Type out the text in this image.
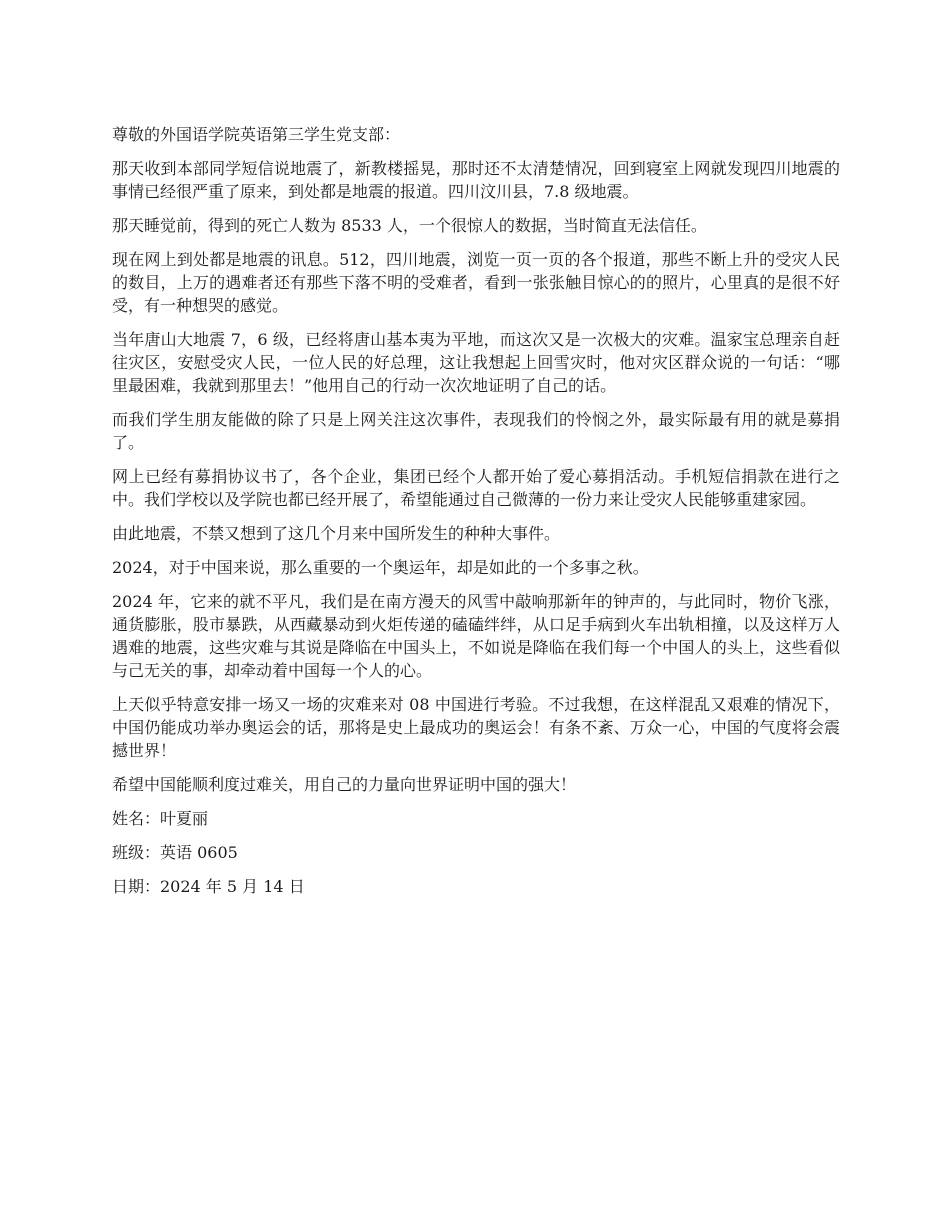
尊敬的外国语学院英语第三学生党支部：

那天收到本部同学短信说地震了，新教楼摇晃，那时还不太清楚情况，回到寝室上网就发现四川地震的事情已经很严重了原来，到处都是地震的报道。四川汶川县，7.8 级地震。

那天睡觉前，得到的死亡人数为 8533 人，一个很惊人的数据，当时简直无法信任。

现在网上到处都是地震的讯息。512，四川地震，浏览一页一页的各个报道，那些不断上升的受灾人民的数目，上万的遇难者还有那些下落不明的受难者，看到一张张触目惊心的的照片，心里真的是很不好受，有一种想哭的感觉。

当年唐山大地震 7，6 级，已经将唐山基本夷为平地，而这次又是一次极大的灾难。温家宝总理亲自赶往灾区，安慰受灾人民，一位人民的好总理，这让我想起上回雪灾时，他对灾区群众说的一句话：“哪里最困难，我就到那里去！”他用自己的行动一次次地证明了自己的话。

而我们学生朋友能做的除了只是上网关注这次事件，表现我们的怜悯之外，最实际最有用的就是募捐了。

网上已经有募捐协议书了，各个企业，集团已经个人都开始了爱心募捐活动。手机短信捐款在进行之中。我们学校以及学院也都已经开展了，希望能通过自己微薄的一份力来让受灾人民能够重建家园。

由此地震，不禁又想到了这几个月来中国所发生的种种大事件。

2024，对于中国来说，那么重要的一个奥运年，却是如此的一个多事之秋。

2024 年，它来的就不平凡，我们是在南方漫天的风雪中敲响那新年的钟声的，与此同时，物价飞涨，通货膨胀，股市暴跌，从西藏暴动到火炬传递的磕磕绊绊，从口足手病到火车出轨相撞，以及这样万人遇难的地震，这些灾难与其说是降临在中国头上，不如说是降临在我们每一个中国人的头上，这些看似与己无关的事，却牵动着中国每一个人的心。

上天似乎特意安排一场又一场的灾难来对 08 中国进行考验。不过我想，在这样混乱又艰难的情况下，中国仍能成功举办奥运会的话，那将是史上最成功的奥运会！有条不紊、万众一心，中国的气度将会震撼世界！

希望中国能顺利度过难关，用自己的力量向世界证明中国的强大！

姓名：叶夏丽

班级：英语 0605

日期：2024 年 5 月 14 日
